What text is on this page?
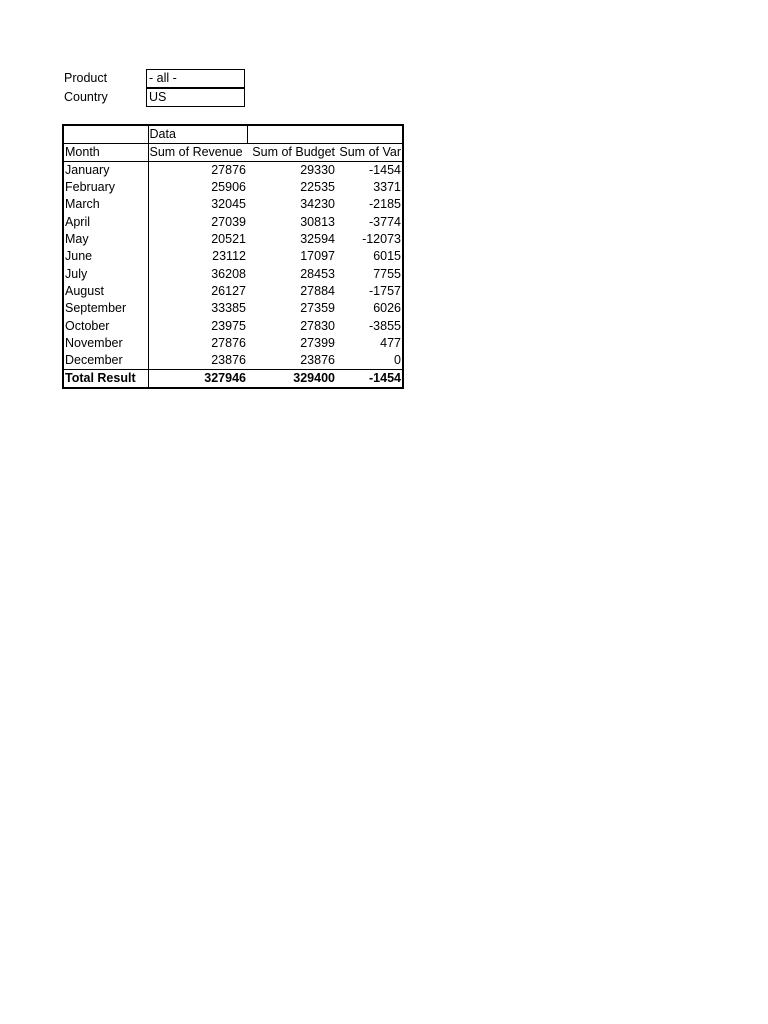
Product	- all -
Country	US
	Data		
Month	Sum of Revenue	Sum of Budget	Sum of Var
January	27876	29330	-1454
February	25906	22535	3371
March	32045	34230	-2185
April	27039	30813	-3774
May	20521	32594	-12073
June	23112	17097	6015
July	36208	28453	7755
August	26127	27884	-1757
September	33385	27359	6026
October	23975	27830	-3855
November	27876	27399	477
December	23876	23876	0
Total Result	327946	329400	-1454
